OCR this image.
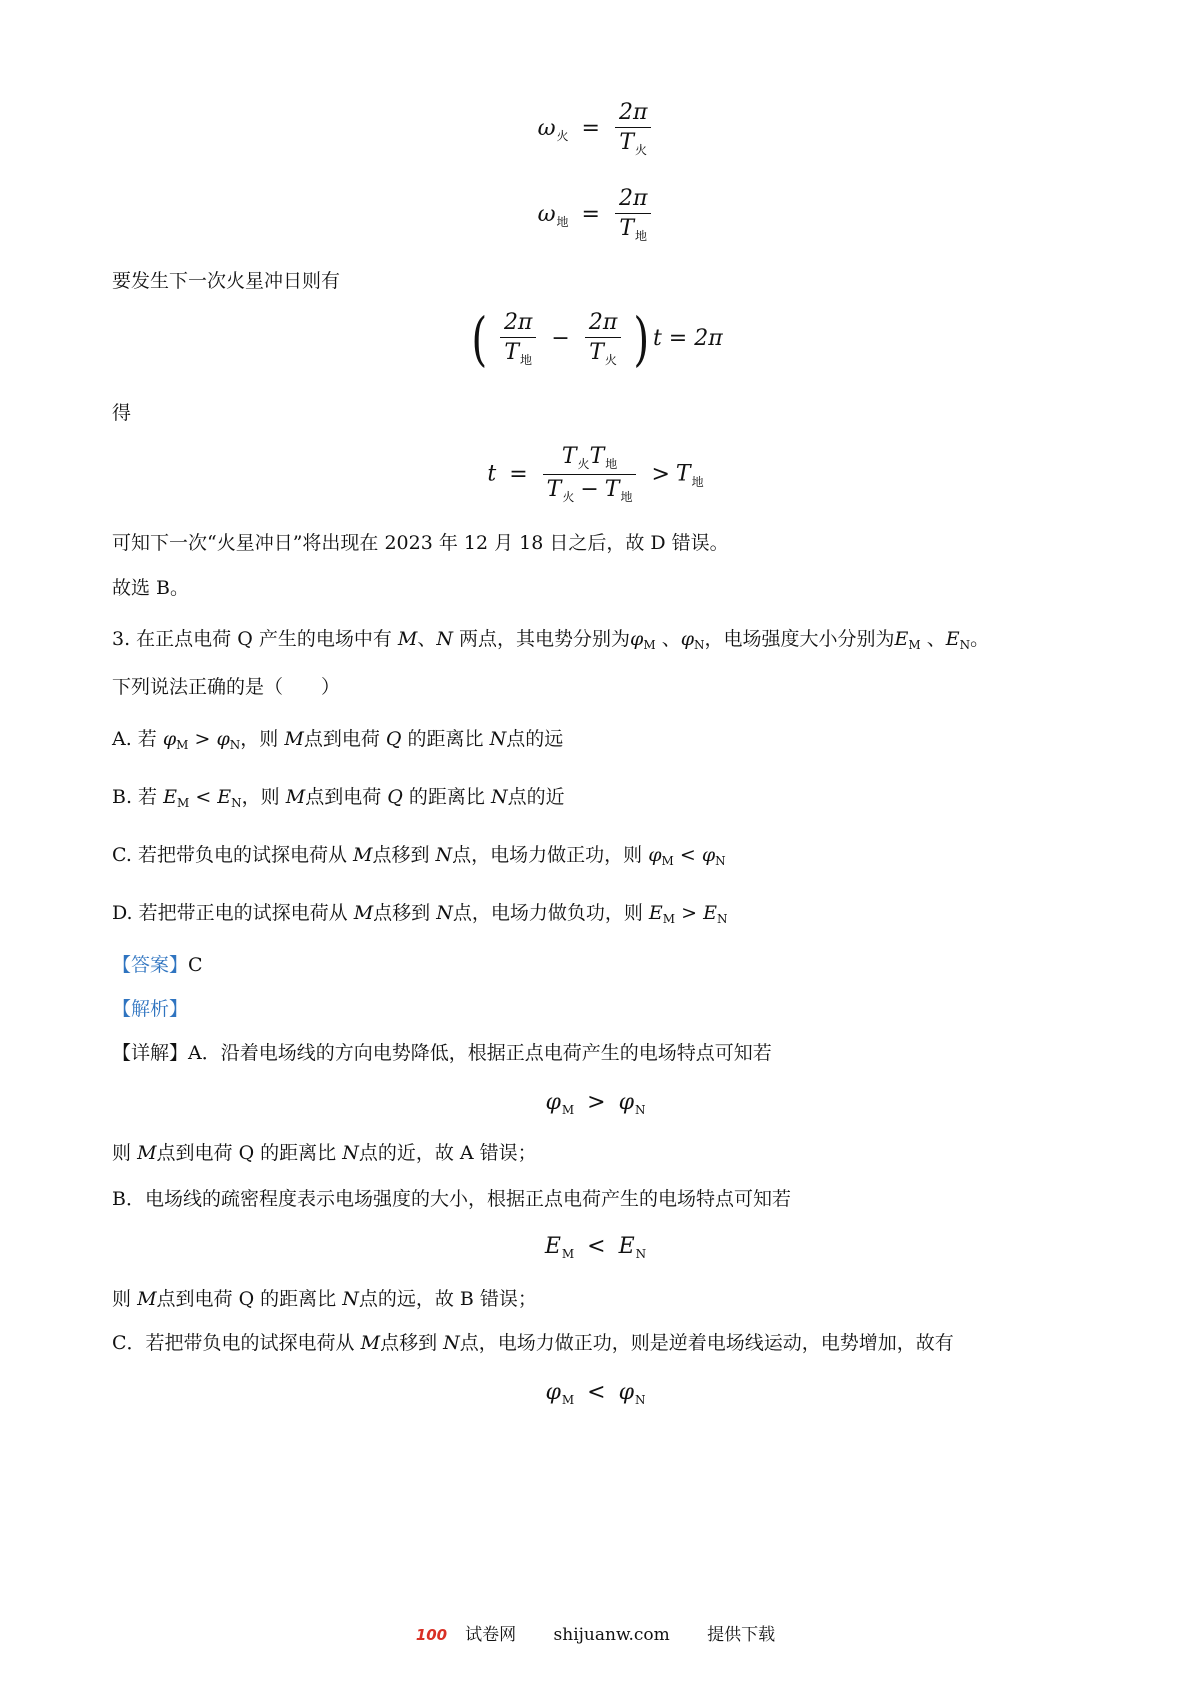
$\omega_火 = \frac{2\pi}{T_火}$
$\omega_地 = \frac{2\pi}{T_地}$
要发生下一次火星冲日则有
( $\frac{2\pi}{T_地} - \frac{2\pi}{T_火}$ ) t = 2π
得
$t = \frac{T_火T_地}{T_火 - T_地} > T_地$
可知下一次“火星冲日”将出现在 2023 年 12 月 18 日之后，故 D 错误。
故选 B。
3. 在正点电荷 Q 产生的电场中有 M、N 两点，其电势分别为$\varphi_M$ 、$\varphi_N$，电场强度大小分别为$E_M$ 、$E_N$。
下列说法正确的是（　　）
A. 若 $\varphi_M > \varphi_N$，则 M点到电荷 Q 的距离比 N点的远
B. 若 $E_M < E_N$，则 M点到电荷 Q 的距离比 N点的近
C. 若把带负电的试探电荷从 M点移到 N点，电场力做正功，则 $\varphi_M < \varphi_N$
D. 若把带正电的试探电荷从 M点移到 N点，电场力做负功，则 $E_M > E_N$
【答案】C
【解析】
【详解】A．沿着电场线的方向电势降低，根据正点电荷产生的电场特点可知若
$\varphi_M > \varphi_N$
则 M点到电荷 Q 的距离比 N点的近，故 A 错误；
B．电场线的疏密程度表示电场强度的大小，根据正点电荷产生的电场特点可知若
$E_M < E_N$
则 M点到电荷 Q 的距离比 N点的远，故 B 错误；
C．若把带负电的试探电荷从 M点移到 N点，电场力做正功，则是逆着电场线运动，电势增加，故有
$\varphi_M < \varphi_N$
100 试卷网 shijuanw.com 提供下载
